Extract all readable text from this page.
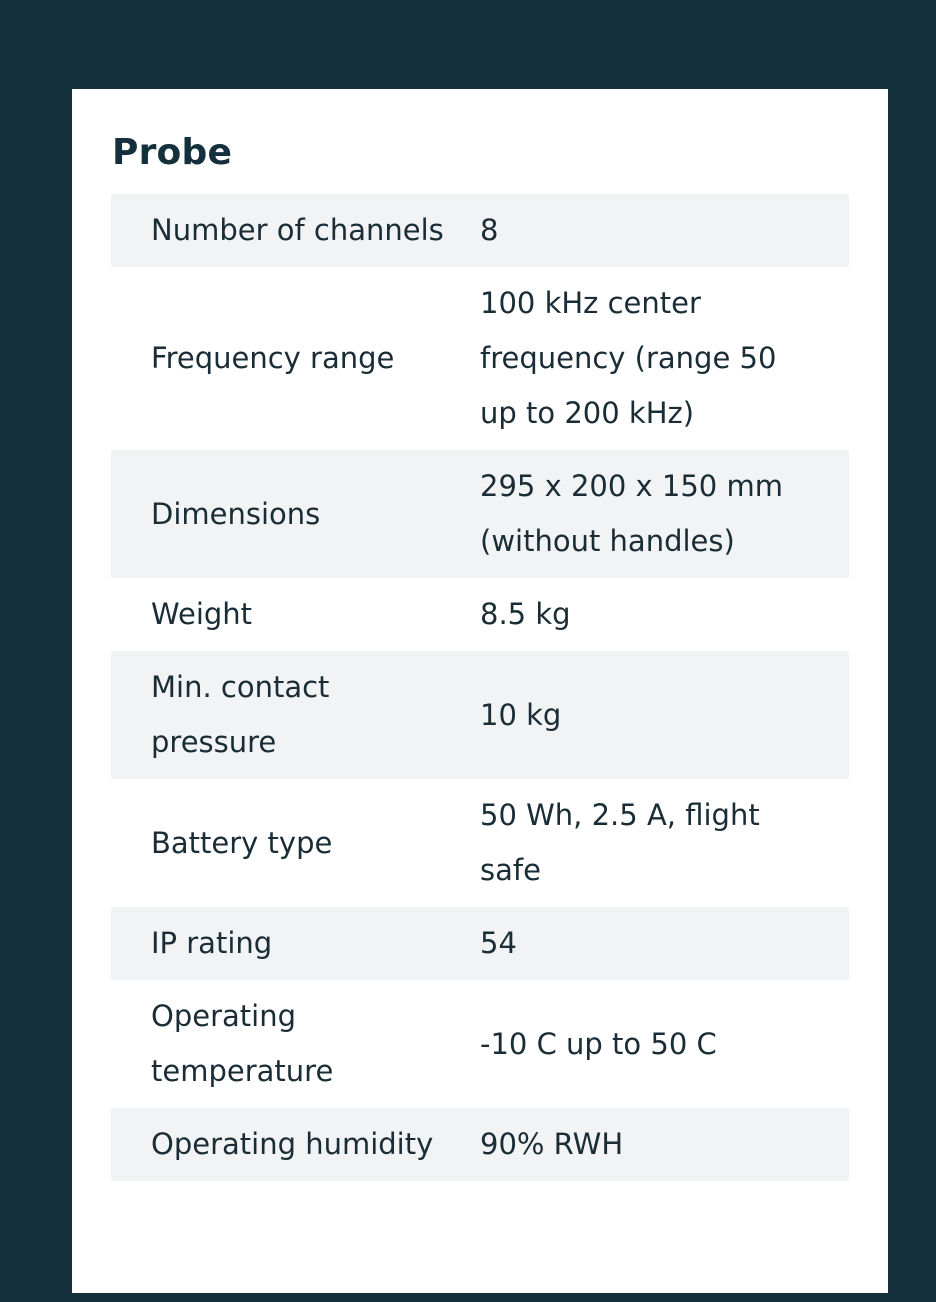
Probe
Number of channels	8
Frequency range	100 kHz center frequency (range 50 up to 200 kHz)
Dimensions	295 x 200 x 150 mm (without handles)
Weight	8.5 kg
Min. contact pressure	10 kg
Battery type	50 Wh, 2.5 A, flight safe
IP rating	54
Operating temperature	-10 C up to 50 C
Operating humidity	90% RWH
